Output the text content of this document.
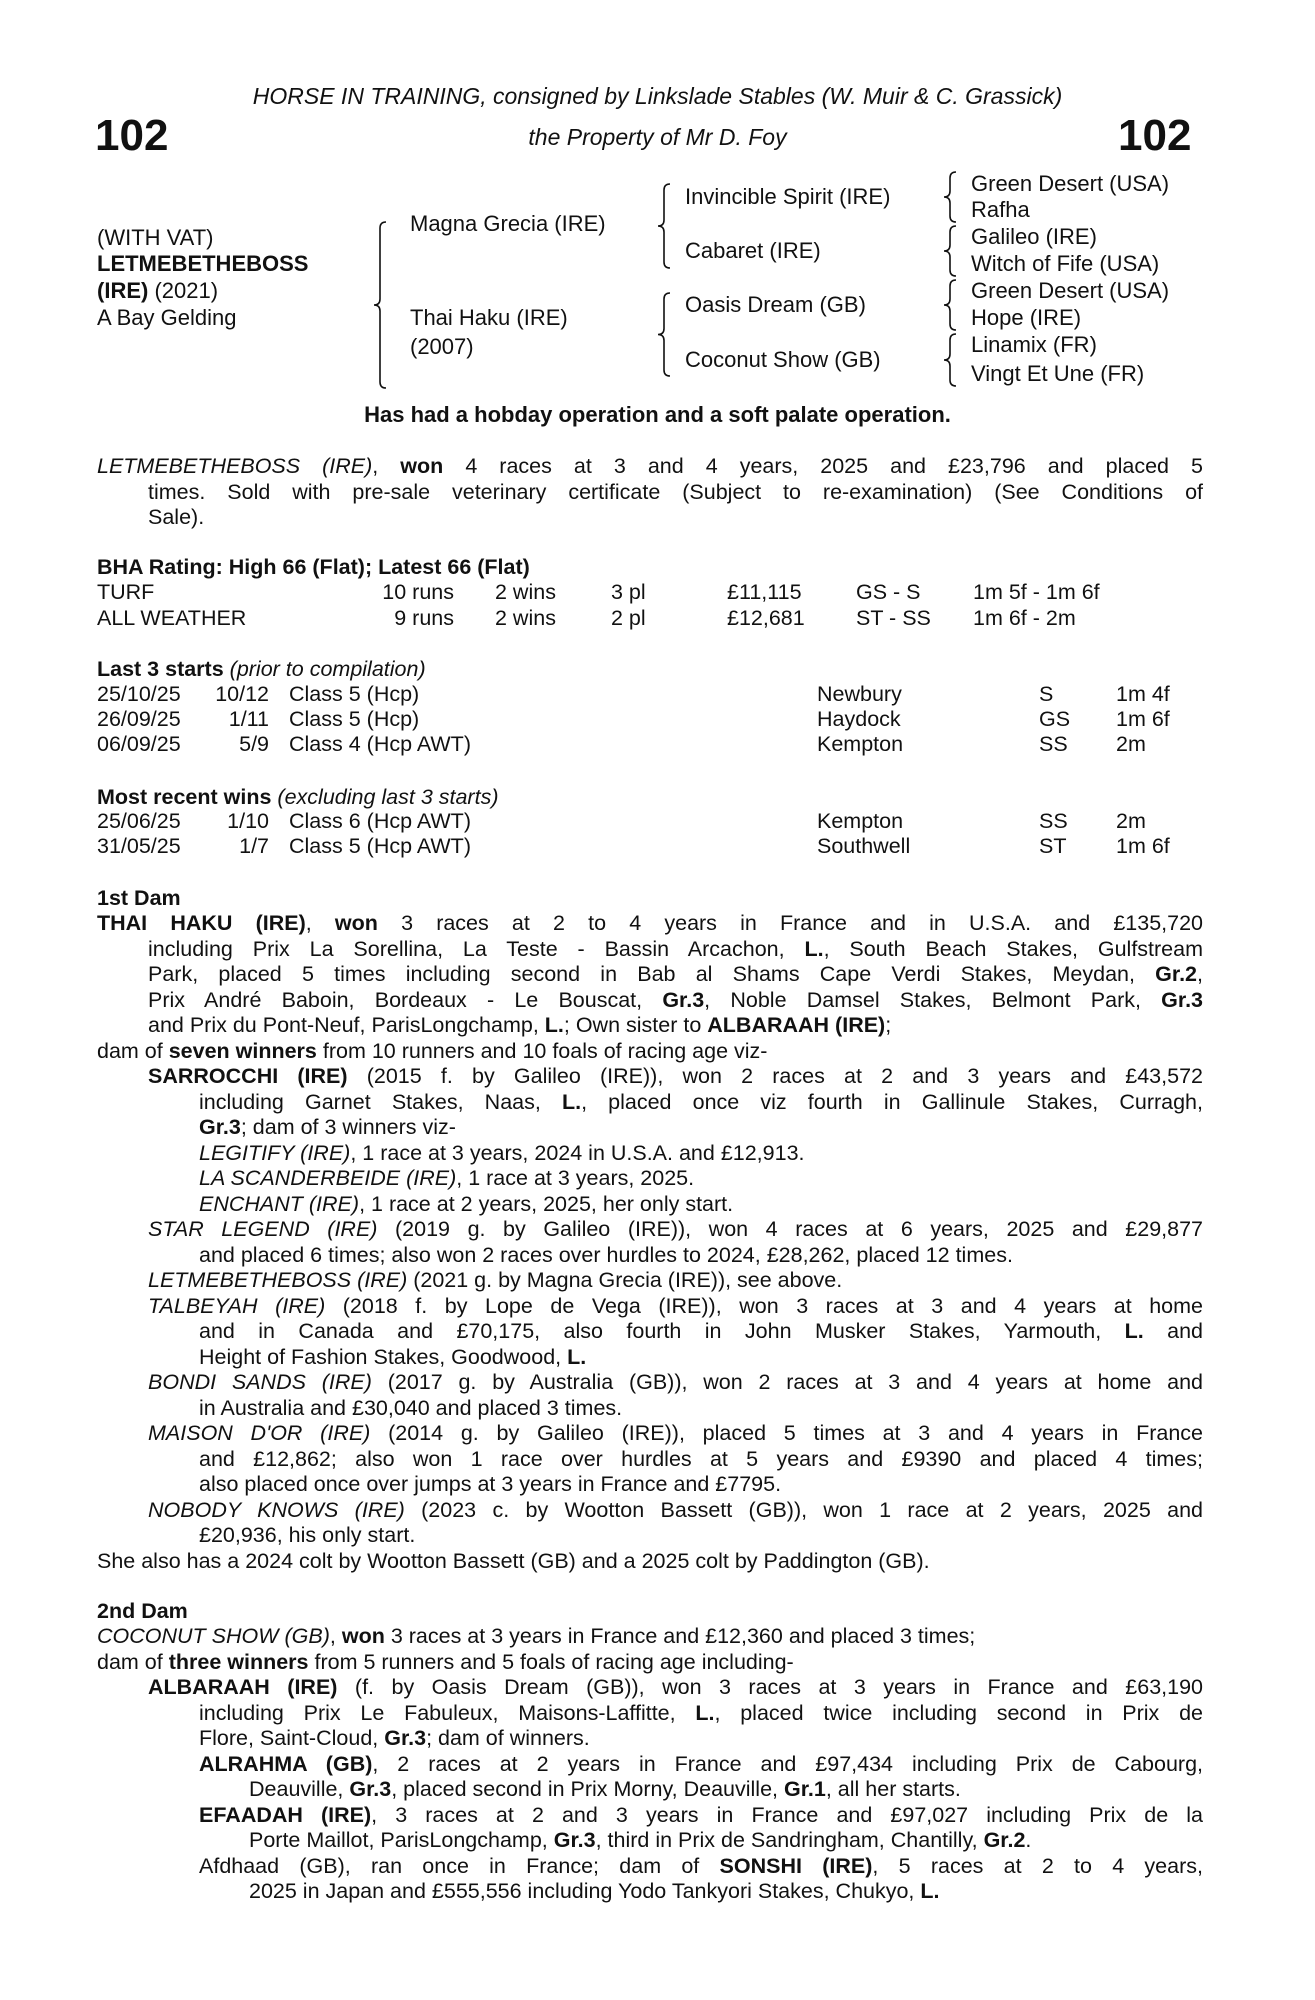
HORSE IN TRAINING, consigned by Linkslade Stables (W. Muir & C. Grassick)
102	the Property of Mr D. Foy	102
(WITH VAT)
LETMEBETHEBOSS
(IRE) (2021)
A Bay Gelding
Magna Grecia (IRE)
Thai Haku (IRE)
(2007)
Invincible Spirit (IRE)
Cabaret (IRE)
Oasis Dream (GB)
Coconut Show (GB)
Green Desert (USA)
Rafha
Galileo (IRE)
Witch of Fife (USA)
Green Desert (USA)
Hope (IRE)
Linamix (FR)
Vingt Et Une (FR)
Has had a hobday operation and a soft palate operation.
LETMEBETHEBOSS (IRE), won 4 races at 3 and 4 years, 2025 and £23,796 and placed 5
times. Sold with pre-sale veterinary certificate (Subject to re-examination) (See Conditions of
Sale).
BHA Rating: High 66 (Flat); Latest 66 (Flat)
TURF	10 runs 2 wins	3 pl	£11,115	GS - S 1m 5f - 1m 6f
ALL WEATHER	9 runs 2 wins	2 pl	£12,681 ST - SS 1m 6f - 2m
Last 3 starts (prior to compilation)
25/10/25 10/12 Class 5 (Hcp)	Newbury	S	1m 4f
26/09/25 1/11 Class 5 (Hcp)	Haydock	GS 1m 6f
06/09/25	5/9 Class 4 (Hcp AWT)	Kempton	SS 2m
Most recent wins (excluding last 3 starts)
25/06/25 1/10 Class 6 (Hcp AWT)	Kempton	SS 2m
31/05/25	1/7 Class 5 (Hcp AWT)	Southwell	ST 1m 6f
1st Dam
THAI HAKU (IRE), won 3 races at 2 to 4 years in France and in U.S.A. and £135,720
including Prix La Sorellina, La Teste - Bassin Arcachon, L., South Beach Stakes, Gulfstream
Park, placed 5 times including second in Bab al Shams Cape Verdi Stakes, Meydan, Gr.2,
Prix André Baboin, Bordeaux - Le Bouscat, Gr.3, Noble Damsel Stakes, Belmont Park, Gr.3
and Prix du Pont-Neuf, ParisLongchamp, L.; Own sister to ALBARAAH (IRE);
dam of seven winners from 10 runners and 10 foals of racing age viz-
SARROCCHI (IRE) (2015 f. by Galileo (IRE)), won 2 races at 2 and 3 years and £43,572
including Garnet Stakes, Naas, L., placed once viz fourth in Gallinule Stakes, Curragh,
Gr.3; dam of 3 winners viz-
LEGITIFY (IRE), 1 race at 3 years, 2024 in U.S.A. and £12,913.
LA SCANDERBEIDE (IRE), 1 race at 3 years, 2025.
ENCHANT (IRE), 1 race at 2 years, 2025, her only start.
STAR LEGEND (IRE) (2019 g. by Galileo (IRE)), won 4 races at 6 years, 2025 and £29,877
and placed 6 times; also won 2 races over hurdles to 2024, £28,262, placed 12 times.
LETMEBETHEBOSS (IRE) (2021 g. by Magna Grecia (IRE)), see above.
TALBEYAH (IRE) (2018 f. by Lope de Vega (IRE)), won 3 races at 3 and 4 years at home
and in Canada and £70,175, also fourth in John Musker Stakes, Yarmouth, L. and
Height of Fashion Stakes, Goodwood, L.
BONDI SANDS (IRE) (2017 g. by Australia (GB)), won 2 races at 3 and 4 years at home and
in Australia and £30,040 and placed 3 times.
MAISON D'OR (IRE) (2014 g. by Galileo (IRE)), placed 5 times at 3 and 4 years in France
and £12,862; also won 1 race over hurdles at 5 years and £9390 and placed 4 times;
also placed once over jumps at 3 years in France and £7795.
NOBODY KNOWS (IRE) (2023 c. by Wootton Bassett (GB)), won 1 race at 2 years, 2025 and
£20,936, his only start.
She also has a 2024 colt by Wootton Bassett (GB) and a 2025 colt by Paddington (GB).
2nd Dam
COCONUT SHOW (GB), won 3 races at 3 years in France and £12,360 and placed 3 times;
dam of three winners from 5 runners and 5 foals of racing age including-
ALBARAAH (IRE) (f. by Oasis Dream (GB)), won 3 races at 3 years in France and £63,190
including Prix Le Fabuleux, Maisons-Laffitte, L., placed twice including second in Prix de
Flore, Saint-Cloud, Gr.3; dam of winners.
ALRAHMA (GB), 2 races at 2 years in France and £97,434 including Prix de Cabourg,
Deauville, Gr.3, placed second in Prix Morny, Deauville, Gr.1, all her starts.
EFAADAH (IRE), 3 races at 2 and 3 years in France and £97,027 including Prix de la
Porte Maillot, ParisLongchamp, Gr.3, third in Prix de Sandringham, Chantilly, Gr.2.
Afdhaad (GB), ran once in France; dam of SONSHI (IRE), 5 races at 2 to 4 years,
2025 in Japan and £555,556 including Yodo Tankyori Stakes, Chukyo, L.
